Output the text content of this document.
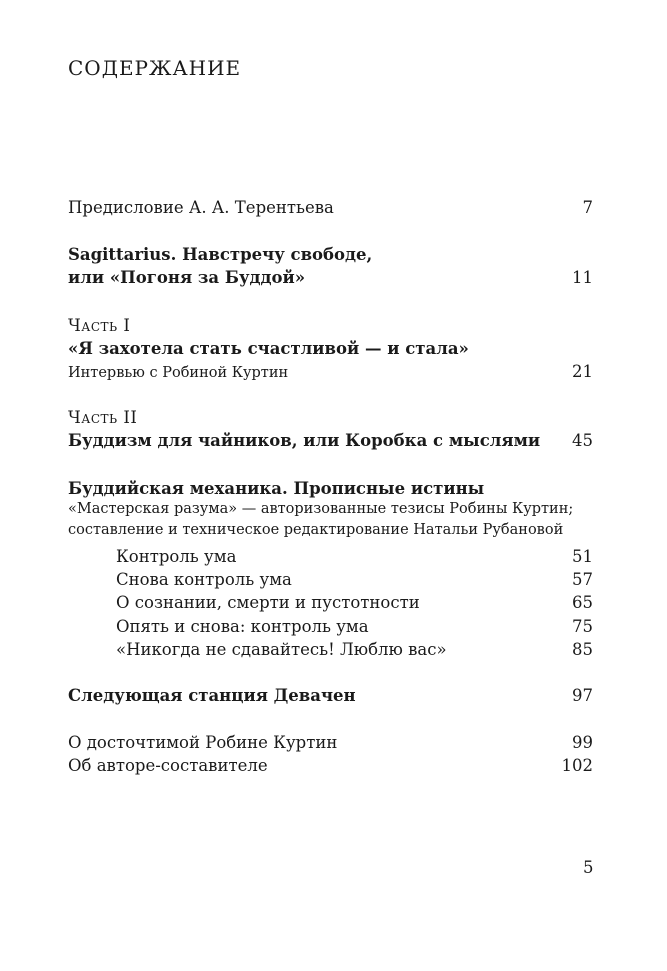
СОДЕРЖАНИЕ
Предисловие А. А. Терентьева	7
Sagittarius. Навстречу свободе,
или «Погоня за Буддой»	11
Часть I
«Я захотела стать счастливой — и стала»
Интервью с Робиной Куртин	21
Часть II
Буддизм для чайников, или Коробка с мыслями 45
Буддийская механика. Прописные истины
«Мастерская разума» — авторизованные тезисы Робины Куртин;
составление и техническое редактирование Натальи Рубановой
Контроль ума	51
Снова контроль ума	57
О сознании, смерти и пустотности	65
Опять и снова: контроль ума	75
«Никогда не сдавайтесь! Люблю вас»	85
Следующая станция Девачен	97
О досточтимой Робине Куртин	99
Об авторе-составителе	102
5
